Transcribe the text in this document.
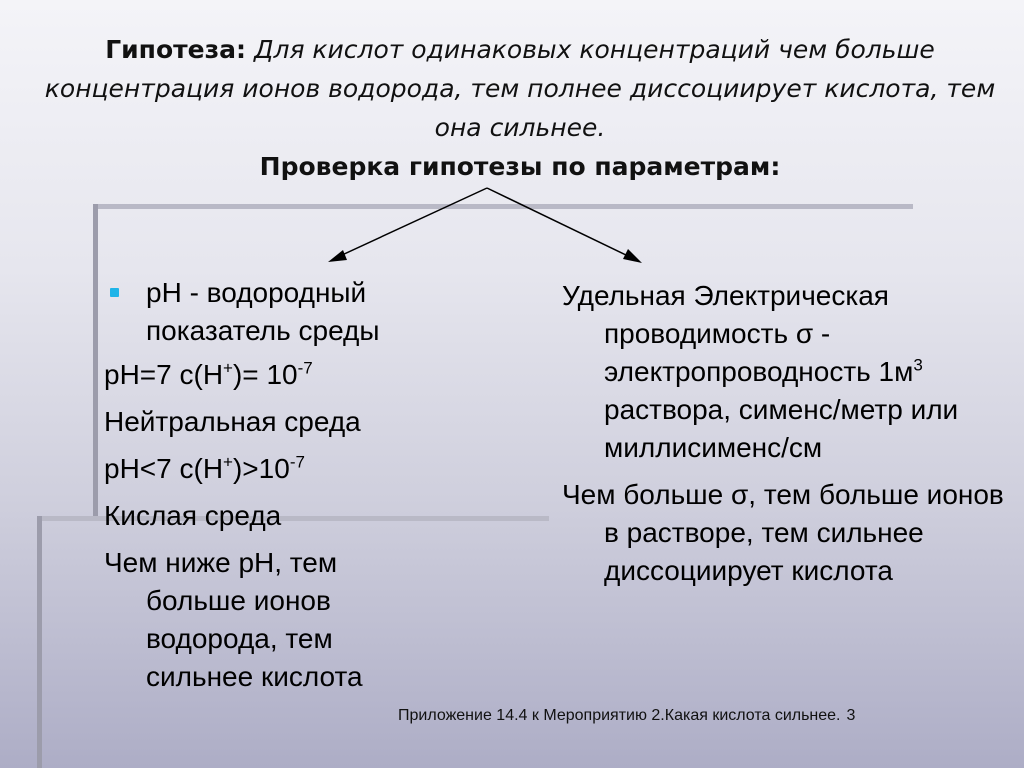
Гипотеза: Для кислот одинаковых концентраций чем больше концентрация ионов водорода, тем полнее диссоциирует кислота, тем она сильнее.
Проверка гипотезы по параметрам:

pH - водородный показатель среды

pH=7 $c(H^+)= 10^{-7}$

Нейтральная среда

pH<7 $c(H^+)>10^{-7}$

Кислая среда

Чем ниже pH, тем больше ионов водорода, тем сильнее кислота

Удельная Электрическая проводимость σ - электропроводность $1м^3$ раствора, сименс/метр или миллисименс/см

Чем больше σ, тем больше ионов в растворе, тем сильнее диссоциирует кислота

Приложение 14.4 к Мероприятию 2.Какая кислота сильнее. 3
